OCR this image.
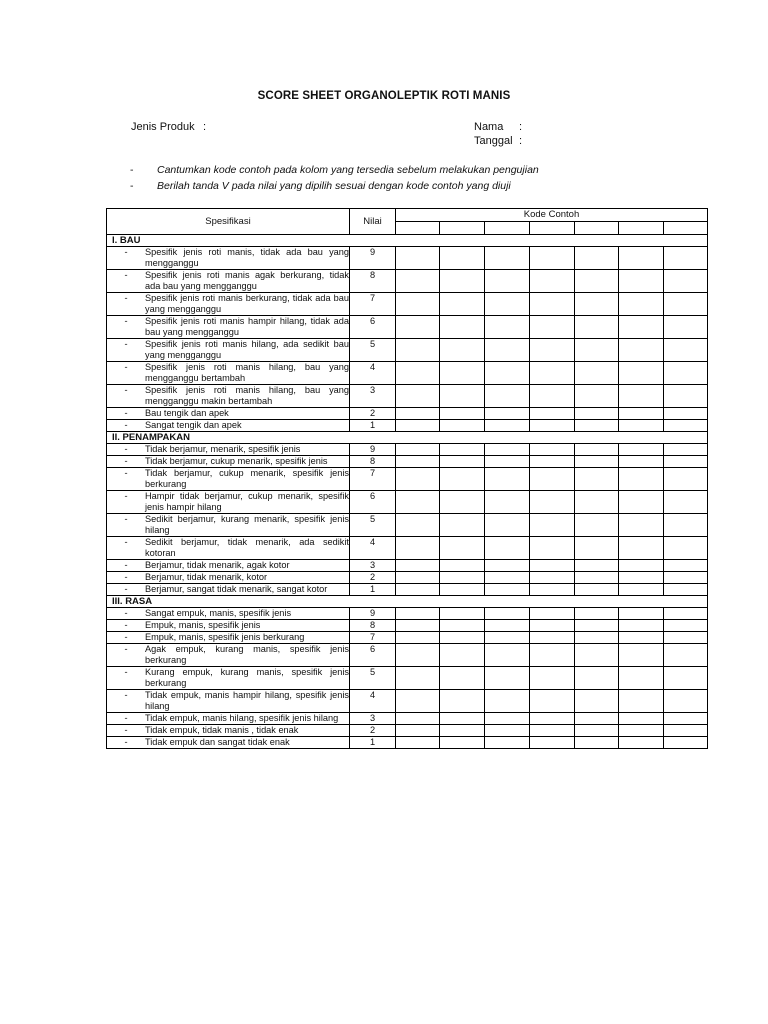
SCORE SHEET ORGANOLEPTIK ROTI MANIS
Jenis Produk :	Nama :
Tanggal :
- Cantumkan kode contoh pada kolom yang tersedia sebelum melakukan pengujian
- Berilah tanda V pada nilai yang dipilih sesuai dengan kode contoh yang diuji
Spesifikasi	Nilai	Kode Contoh						

I. BAU								

- Spesifik jenis roti manis, tidak ada bau yang mengganggu	9							

- Spesifik jenis roti manis agak berkurang, tidak ada bau yang mengganggu	8							

- Spesifik jenis roti manis berkurang, tidak ada bau yang mengganggu	7							

- Spesifik jenis roti manis hampir hilang, tidak ada bau yang mengganggu	6							

- Spesifik jenis roti manis hilang, ada sedikit bau yang mengganggu	5							

- Spesifik jenis roti manis hilang, bau yang mengganggu bertambah	4							

- Spesifik jenis roti manis hilang, bau yang mengganggu makin bertambah	3							

- Bau tengik dan apek	2							

- Sangat tengik dan apek	1							
II. PENAMPAKAN								

- Tidak berjamur, menarik, spesifik jenis	9							

- Tidak berjamur, cukup menarik, spesifik jenis	8							

- Tidak berjamur, cukup menarik, spesifik jenis berkurang	7							

- Hampir tidak berjamur, cukup menarik, spesifik jenis hampir hilang	6							

- Sedikit berjamur, kurang menarik, spesifik jenis hilang	5							

- Sedikit berjamur, tidak menarik, ada sedikit kotoran	4							

- Berjamur, tidak menarik, agak kotor	3							

- Berjamur, tidak menarik, kotor	2							

- Berjamur, sangat tidak menarik, sangat kotor	1							
III. RASA								

- Sangat empuk, manis, spesifik jenis	9							

- Empuk, manis, spesifik jenis	8							

- Empuk, manis, spesifik jenis berkurang	7							

- Agak empuk, kurang manis, spesifik jenis berkurang	6							

- Kurang empuk, kurang manis, spesifik jenis berkurang	5							

- Tidak empuk, manis hampir hilang, spesifik jenis hilang	4							

- Tidak empuk, manis hilang, spesifik jenis hilang	3							

- Tidak empuk, tidak manis , tidak enak	2							

- Tidak empuk dan sangat tidak enak	1							
